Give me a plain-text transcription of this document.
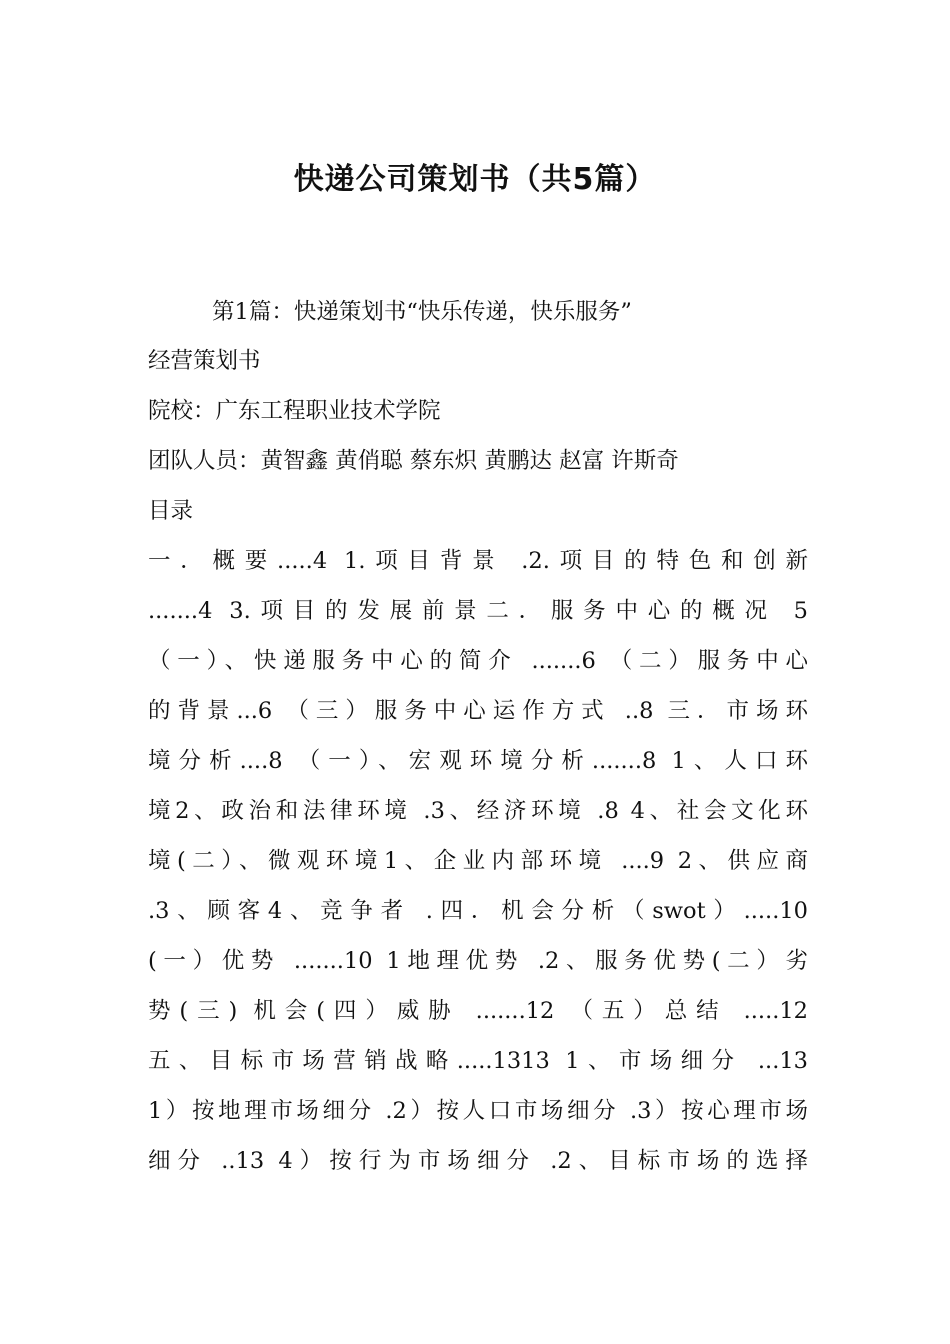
快递公司策划书（共5篇）
第1篇：快递策划书“快乐传递，快乐服务”
经营策划书
院校：广东工程职业技术学院
团队人员：黄智鑫 黄俏聪 蔡东炽 黄鹏达 赵富 许斯奇
目录
一．概要.....4 1.项目背景 .2.项目的特色和创新
.......4 3.项目的发展前景二．服务中心的概况 5
（一）、快递服务中心的简介 .......6 （二）服务中心
的背景...6 （三）服务中心运作方式 ..8 三．市场环
境分析....8 （一）、宏观环境分析.......8 1、人口环
境2、政治和法律环境 .3、经济环境 .8 4、社会文化环
境(二）、微观环境1、企业内部环境 ....9 2、供应商
.3、顾客4、竞争者 .四．机会分析（swot）.....10
(一）优势 .......10 1地理优势 .2、服务优势(二）劣
势(三) 机会(四）威胁 .......12 （五）总结 .....12
五、目标市场营销战略.....1313 1、市场细分 ...13
1）按地理市场细分 .2）按人口市场细分 .3）按心理市场
细分 ..13 4）按行为市场细分 .2、目标市场的选择
